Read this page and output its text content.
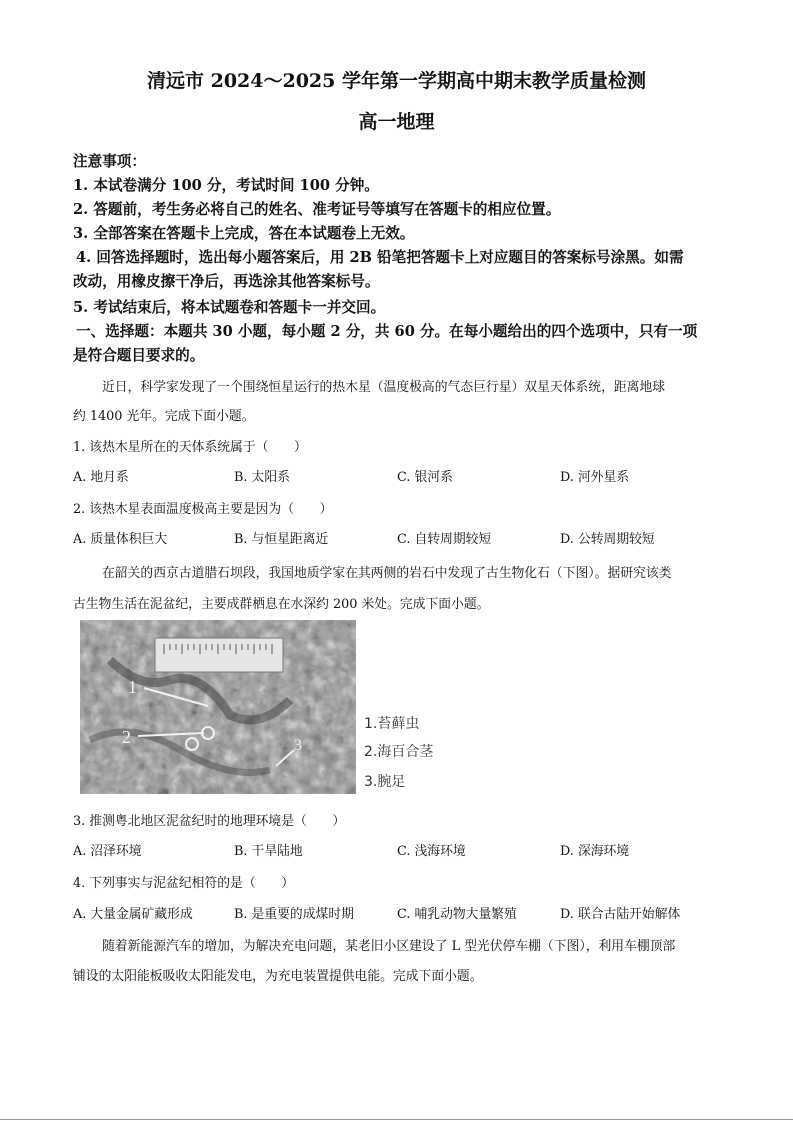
清远市 2024～2025 学年第一学期高中期末教学质量检测
高一地理
注意事项：
1. 本试卷满分 100 分，考试时间 100 分钟。
2. 答题前，考生务必将自己的姓名、准考证号等填写在答题卡的相应位置。
3. 全部答案在答题卡上完成，答在本试题卷上无效。
4. 回答选择题时，选出每小题答案后，用 2B 铅笔把答题卡上对应题目的答案标号涂黑。如需
改动，用橡皮擦干净后，再选涂其他答案标号。
5. 考试结束后，将本试题卷和答题卡一并交回。
一、选择题：本题共 30 小题，每小题 2 分，共 60 分。在每小题给出的四个选项中，只有一项
是符合题目要求的。
近日，科学家发现了一个围绕恒星运行的热木星（温度极高的气态巨行星）双星天体系统，距离地球
约 1400 光年。完成下面小题。
1. 该热木星所在的天体系统属于（　　）
A. 地月系	B. 太阳系	C. 银河系	D. 河外星系
2. 该热木星表面温度极高主要是因为（　　）
A. 质量体积巨大	B. 与恒星距离近	C. 自转周期较短	D. 公转周期较短
在韶关的西京古道腊石坝段，我国地质学家在其两侧的岩石中发现了古生物化石（下图）。据研究该类
古生物生活在泥盆纪，主要成群栖息在水深约 200 米处。完成下面小题。
1
2	3
1.苔藓虫
2.海百合茎
3.腕足
3. 推测粤北地区泥盆纪时的地理环境是（　　）
A. 沼泽环境	B. 干旱陆地	C. 浅海环境	D. 深海环境
4. 下列事实与泥盆纪相符的是（　　）
A. 大量金属矿藏形成	B. 是重要的成煤时期	C. 哺乳动物大量繁殖	D. 联合古陆开始解体
随着新能源汽车的增加，为解决充电问题，某老旧小区建设了 L 型光伏停车棚（下图），利用车棚顶部
铺设的太阳能板吸收太阳能发电，为充电装置提供电能。完成下面小题。
